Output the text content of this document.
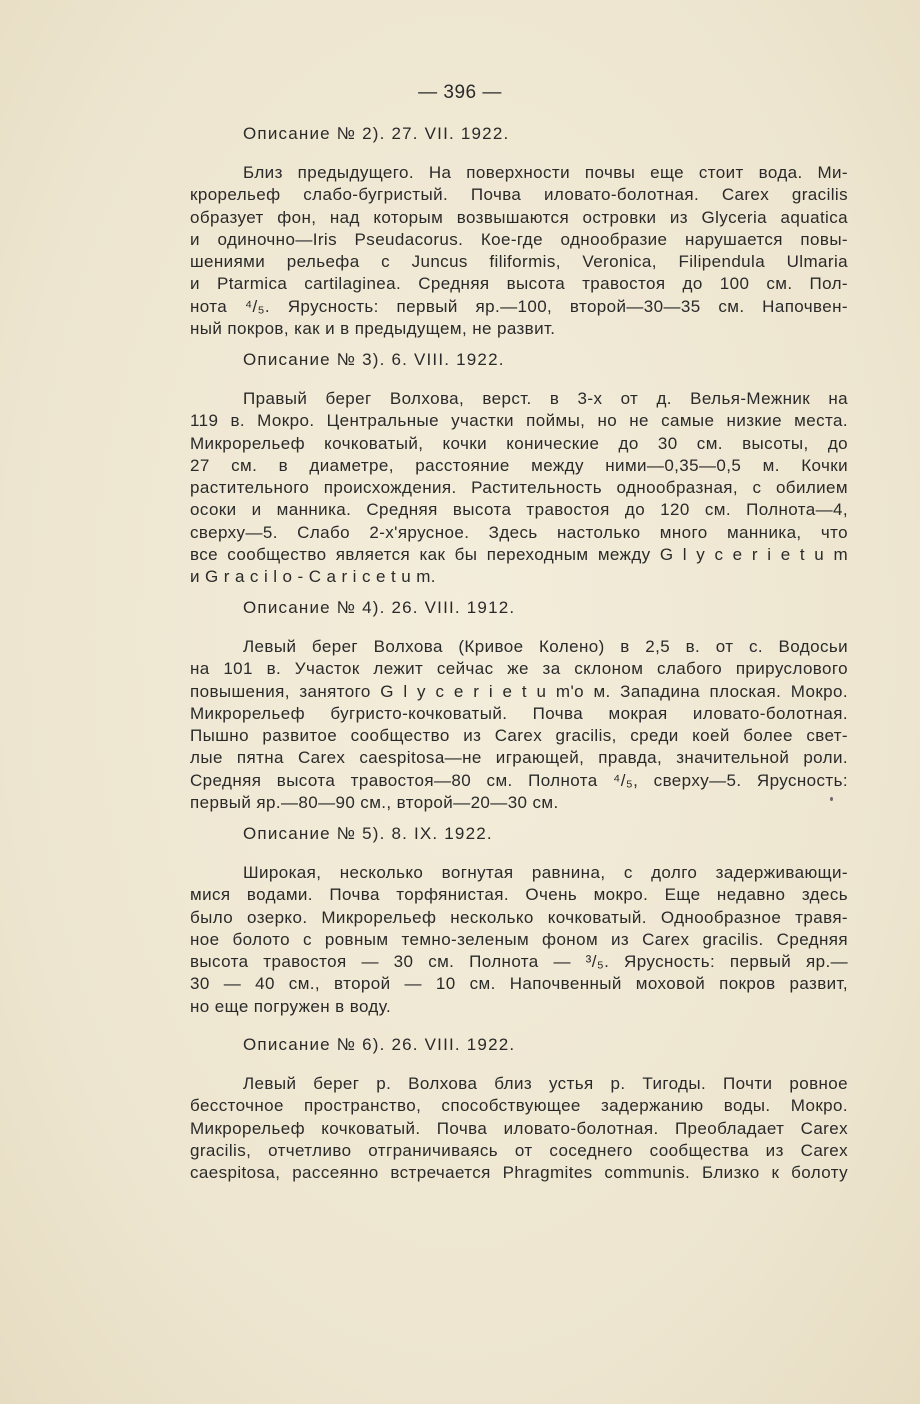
— 396 —
Описание № 2). 27. VII. 1922.
Близ предыдущего. На поверхности почвы еще стоит вода. Ми-
крорельеф слабо-бугристый. Почва иловато-болотная. Carex gracilis
образует фон, над которым возвышаются островки из Glyceria aquatica
и одиночно—Iris Pseudacorus. Кое-где однообразие нарушается повы-
шениями рельефа с Juncus filiformis, Veronica, Filipendula Ulmaria
и Ptarmica cartilaginea. Средняя высота травостоя до 100 см. Пол-
нота ⁴/₅. Ярусность: первый яр.—100, второй—30—35 см. Напочвен-
ный покров, как и в предыдущем, не развит.
Описание № 3). 6. VIII. 1922.
Правый берег Волхова, верст. в 3-х от д. Велья-Межник на
119 в. Мокро. Центральные участки поймы, но не самые низкие места.
Микрорельеф кочковатый, кочки конические до 30 см. высоты, до
27 см. в диаметре, расстояние между ними—0,35—0,5 м. Кочки
растительного происхождения. Растительность однообразная, с обилием
осоки и манника. Средняя высота травостоя до 120 см. Полнота—4,
сверху—5. Слабо 2-х'ярусное. Здесь настолько много манника, что
все сообщество является как бы переходным между G l y c e r i e t u m
и G r a c i l o - C a r i c e t u m.
Описание № 4). 26. VIII. 1912.
Левый берег Волхова (Кривое Колено) в 2,5 в. от с. Водосьи
на 101 в. Участок лежит сейчас же за склоном слабого прируслового
повышения, занятого G l y c e r i e t u m'о м. Западина плоская. Мокро.
Микрорельеф бугристо-кочковатый. Почва мокрая иловато-болотная.
Пышно развитое сообщество из Carex gracilis, среди коей более свет-
лые пятна Carex caespitosa—не играющей, правда, значительной роли.
Средняя высота травостоя—80 см. Полнота ⁴/₅, сверху—5. Ярусность:
первый яр.—80—90 см., второй—20—30 см.
Описание № 5). 8. IX. 1922.
Широкая, несколько вогнутая равнина, с долго задерживающи-
мися водами. Почва торфянистая. Очень мокро. Еще недавно здесь
было озерко. Микрорельеф несколько кочковатый. Однообразное травя-
ное болото с ровным темно-зеленым фоном из Carex gracilis. Средняя
высота травостоя — 30 см. Полнота — ³/₅. Ярусность: первый яр.—
30 — 40 см., второй — 10 см. Напочвенный моховой покров развит,
но еще погружен в воду.
Описание № 6). 26. VIII. 1922.
Левый берег р. Волхова близ устья р. Тигоды. Почти ровное
бессточное пространство, способствующее задержанию воды. Мокро.
Микрорельеф кочковатый. Почва иловато-болотная. Преобладает Carex
gracilis, отчетливо отграничиваясь от соседнего сообщества из Carex
caespitosa, рассеянно встречается Phragmites communis. Близко к болоту
